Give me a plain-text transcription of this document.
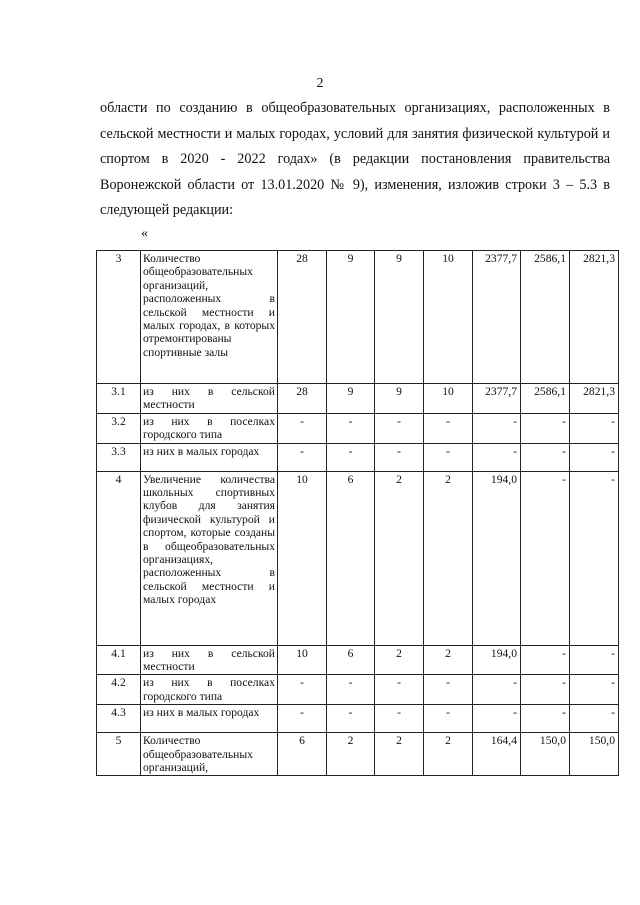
2
области по созданию в общеобразовательных организациях, расположенных в
сельской местности и малых городах, условий для занятия физической культурой и
спортом в 2020 - 2022 годах» (в редакции постановления правительства
Воронежской области от 13.01.2020 № 9), изменения, изложив строки 3 – 5.3 в
следующей редакции:
«
3	Количество общеобразовательных организаций, расположенных в сельской местности и малых городах, в которых отремонтированы спортивные залы	28	9	9	10	2377,7	2586,1	2821,3
3.1	из них в сельской местности	28	9	9	10	2377,7	2586,1	2821,3
3.2	из них в поселках городского типа	-	-	-	-	-	-	-
3.3	из них в малых городах	-	-	-	-	-	-	-
4	Увеличение количества школьных спортивных клубов для занятия физической культурой и спортом, которые созданы в общеобразовательных организациях, расположенных в сельской местности и малых городах	10	6	2	2	194,0	-	-
4.1	из них в сельской местности	10	6	2	2	194,0	-	-
4.2	из них в поселках городского типа	-	-	-	-	-	-	-
4.3	из них в малых городах	-	-	-	-	-	-	-
5	Количество общеобразовательных организаций,	6	2	2	2	164,4	150,0	150,0
